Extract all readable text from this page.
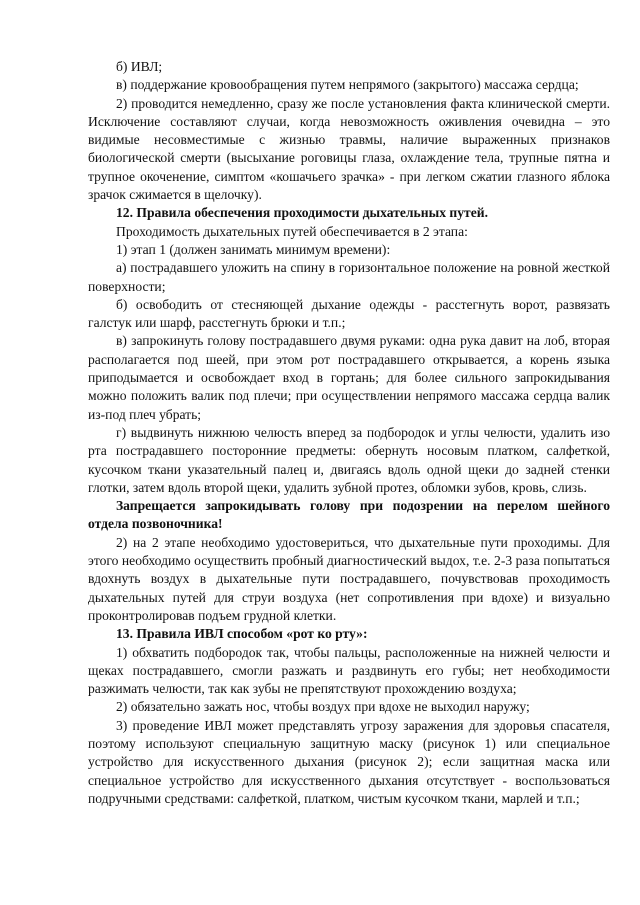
б) ИВЛ;

в) поддержание кровообращения путем непрямого (закрытого) массажа сердца;

2) проводится немедленно, сразу же после установления факта клинической смерти. Исключение составляют случаи, когда невозможность оживления очевидна – это видимые несовместимые с жизнью травмы, наличие выраженных признаков биологической смерти (высыхание роговицы глаза, охлаждение тела, трупные пятна и трупное окоченение, симптом «кошачьего зрачка» - при легком сжатии глазного яблока зрачок сжимается в щелочку).

12. Правила обеспечения проходимости дыхательных путей.

Проходимость дыхательных путей обеспечивается в 2 этапа:

1) этап 1 (должен занимать минимум времени):

а) пострадавшего уложить на спину в горизонтальное положение на ровной жесткой поверхности;

б) освободить от стесняющей дыхание одежды - расстегнуть ворот, развязать галстук или шарф, расстегнуть брюки и т.п.;

в) запрокинуть голову пострадавшего двумя руками: одна рука давит на лоб, вторая располагается под шеей, при этом рот пострадавшего открывается, а корень языка приподымается и освобождает вход в гортань; для более сильного запрокидывания можно положить валик под плечи; при осуществлении непрямого массажа сердца валик из-под плеч убрать;

г) выдвинуть нижнюю челюсть вперед за подбородок и углы челюсти, удалить изо рта пострадавшего посторонние предметы: обернуть носовым платком, салфеткой, кусочком ткани указательный палец и, двигаясь вдоль одной щеки до задней стенки глотки, затем вдоль второй щеки, удалить зубной протез, обломки зубов, кровь, слизь.

Запрещается запрокидывать голову при подозрении на перелом шейного отдела позвоночника!

2) на 2 этапе необходимо удостовериться, что дыхательные пути проходимы. Для этого необходимо осуществить пробный диагностический выдох, т.е. 2-3 раза попытаться вдохнуть воздух в дыхательные пути пострадавшего, почувствовав проходимость дыхательных путей для струи воздуха (нет сопротивления при вдохе) и визуально проконтролировав подъем грудной клетки.

13. Правила ИВЛ способом «рот ко рту»:

1) обхватить подбородок так, чтобы пальцы, расположенные на нижней челюсти и щеках пострадавшего, смогли разжать и раздвинуть его губы; нет необходимости разжимать челюсти, так как зубы не препятствуют прохождению воздуха;

2) обязательно зажать нос, чтобы воздух при вдохе не выходил наружу;

3) проведение ИВЛ может представлять угрозу заражения для здоровья спасателя, поэтому используют специальную защитную маску (рисунок 1) или специальное устройство для искусственного дыхания (рисунок 2); если защитная маска или специальное устройство для искусственного дыхания отсутствует - воспользоваться подручными средствами: салфеткой, платком, чистым кусочком ткани, марлей и т.п.;
